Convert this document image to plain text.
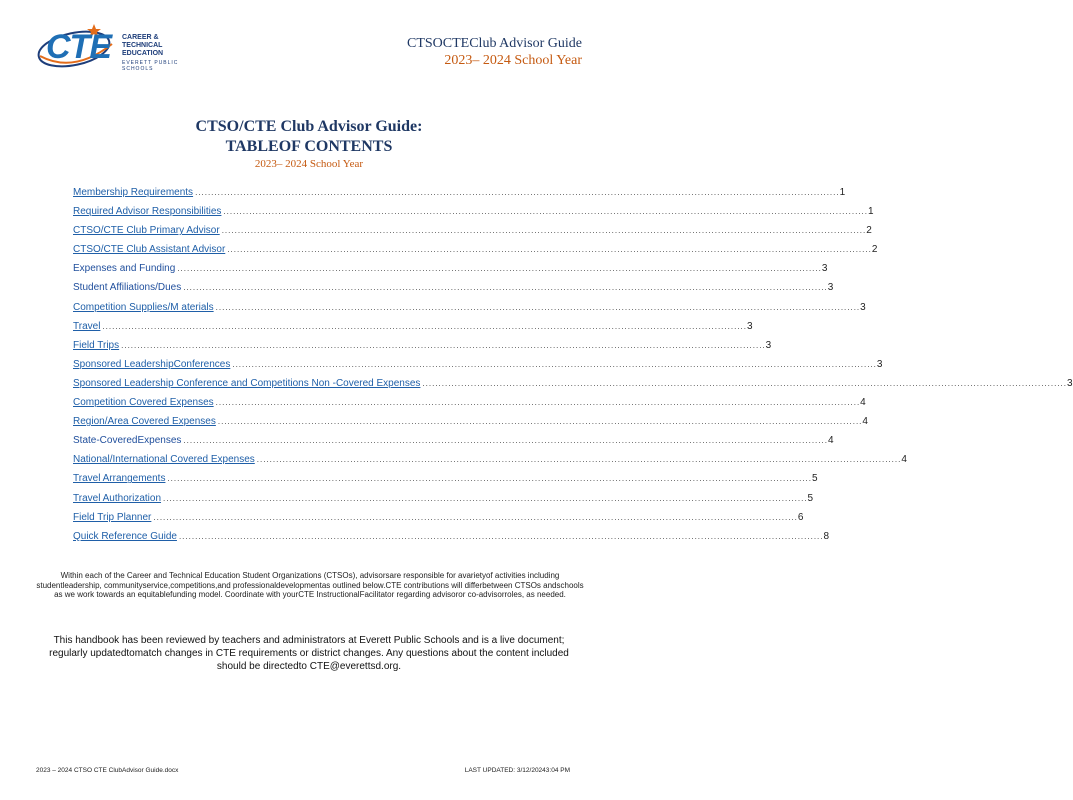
CTE CAREER &
TECHNICAL
EDUCATION
EVERETT PUBLIC SCHOOLS
CTSOCTEClub Advisor Guide
2023– 2024 School Year
CTSO/CTE Club Advisor Guide:
TABLEOF CONTENTS
2023– 2024 School Year
Membership Requirements ........................................................................................................................................................................................................ 1
Required Advisor Responsibilities ........................................................................................................................................................................................................ 1
CTSO/CTE Club Primary Advisor ........................................................................................................................................................................................................ 2
CTSO/CTE Club Assistant Advisor ........................................................................................................................................................................................................ 2
Expenses and Funding ........................................................................................................................................................................................................ 3
Student Affiliations/Dues ........................................................................................................................................................................................................ 3
Competition Supplies/M aterials ........................................................................................................................................................................................................ 3
Travel ........................................................................................................................................................................................................ 3
Field Trips ........................................................................................................................................................................................................ 3
Sponsored LeadershipConferences ........................................................................................................................................................................................................ 3
Sponsored Leadership Conference and Competitions Non -Covered Expenses ........................................................................................................................................................................................................ 3
Competition Covered Expenses ........................................................................................................................................................................................................ 4
Region/Area Covered Expenses ........................................................................................................................................................................................................ 4
State-CoveredExpenses ........................................................................................................................................................................................................ 4
National/International Covered Expenses ........................................................................................................................................................................................................ 4
Travel Arrangements ........................................................................................................................................................................................................ 5
Travel Authorization ........................................................................................................................................................................................................ 5
Field Trip Planner ........................................................................................................................................................................................................ 6
Quick Reference Guide ........................................................................................................................................................................................................ 8
Within each of the Career and Technical Education Student Organizations (CTSOs), advisorsare responsible for avarietyof activities including studentleadership, communityservice,competitions,and professionaldevelopmentas outlined below.CTE contributions will differbetween CTSOs andschools as we work towards an equitablefunding model. Coordinate with yourCTE InstructionalFacilitator regarding advisoror co-advisorroles, as needed.
This handbook has been reviewed by teachers and administrators at Everett Public Schools and is a live document; regularly updatedtomatch changes in CTE requirements or district changes. Any questions about the content included should be directedto CTE@everettsd.org.
2023 – 2024 CTSO CTE ClubAdvisor Guide.docx	LAST UPDATED: 3/12/20243:04 PM
